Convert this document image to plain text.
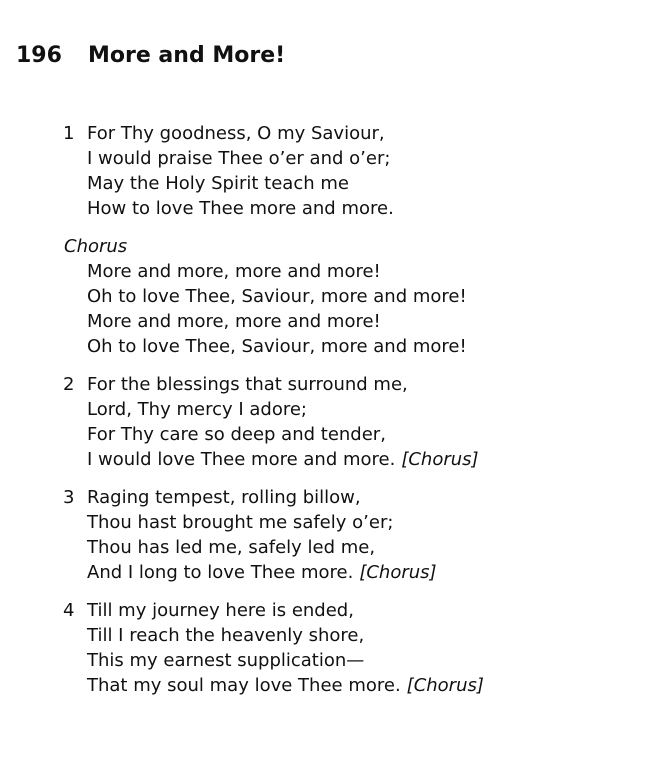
196 More and More!
1 For Thy goodness, O my Saviour,
I would praise Thee o’er and o’er;
May the Holy Spirit teach me
How to love Thee more and more.
Chorus
More and more, more and more!
Oh to love Thee, Saviour, more and more!
More and more, more and more!
Oh to love Thee, Saviour, more and more!
2 For the blessings that surround me,
Lord, Thy mercy I adore;
For Thy care so deep and tender,
I would love Thee more and more. [Chorus]
3 Raging tempest, rolling billow,
Thou hast brought me safely o’er;
Thou has led me, safely led me,
And I long to love Thee more. [Chorus]
4 Till my journey here is ended,
Till I reach the heavenly shore,
This my earnest supplication—
That my soul may love Thee more. [Chorus]
